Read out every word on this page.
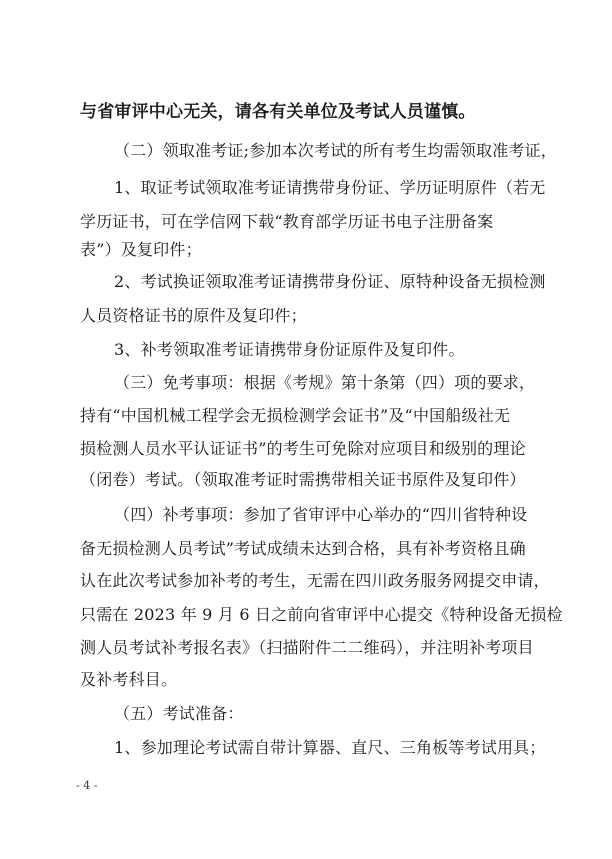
与省审评中心无关，请各有关单位及考试人员谨慎。
（二）领取准考证;参加本次考试的所有考生均需领取准考证，
1、取证考试领取准考证请携带身份证、学历证明原件（若无
学历证书，可在学信网下载“教育部学历证书电子注册备案
表”）及复印件；
2、考试换证领取准考证请携带身份证、原特种设备无损检测
人员资格证书的原件及复印件；
3、补考领取准考证请携带身份证原件及复印件。
（三）免考事项：根据《考规》第十条第（四）项的要求，
持有“中国机械工程学会无损检测学会证书”及“中国船级社无
损检测人员水平认证证书”的考生可免除对应项目和级别的理论
（闭卷）考试。（领取准考证时需携带相关证书原件及复印件）
（四）补考事项：参加了省审评中心举办的“四川省特种设
备无损检测人员考试”考试成绩未达到合格，具有补考资格且确
认在此次考试参加补考的考生，无需在四川政务服务网提交申请，
只需在 2023 年 9 月 6 日之前向省审评中心提交《特种设备无损检
测人员考试补考报名表》（扫描附件二二维码），并注明补考项目
及补考科目。
（五）考试准备：
1、参加理论考试需自带计算器、直尺、三角板等考试用具；
- 4 -
